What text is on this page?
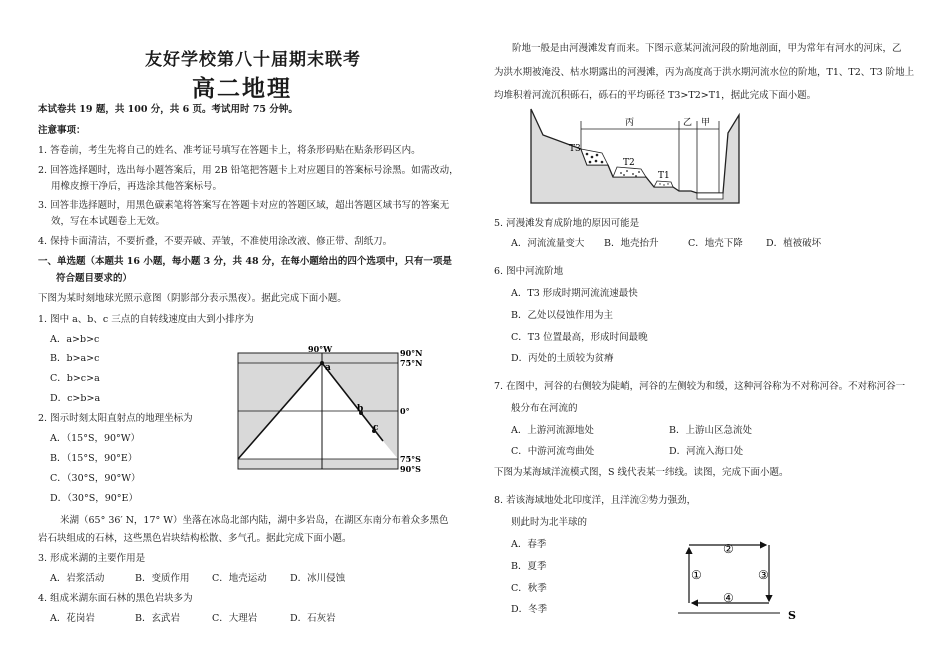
友好学校第八十届期末联考
高二地理
本试卷共 19 题，共 100 分，共 6 页。考试用时 75 分钟。
注意事项：
1. 答卷前，考生先将自己的姓名、准考证号填写在答题卡上，将条形码贴在贴条形码区内。
2. 回答选择题时，选出每小题答案后，用 2B 铅笔把答题卡上对应题目的答案标号涂黑。如需改动，
用橡皮擦干净后，再选涂其他答案标号。
3. 回答非选择题时，用黑色碳素笔将答案写在答题卡对应的答题区域，超出答题区域书写的答案无
效，写在本试题卷上无效。
4. 保持卡面清洁，不要折叠，不要弄破、弄皱，不准使用涂改液、修正带、刮纸刀。
一、单选题（本题共 16 小题，每小题 3 分，共 48 分，在每小题给出的四个选项中，只有一项是
符合题目要求的）
下图为某时刻地球光照示意图（阴影部分表示黑夜）。据此完成下面小题。
1. 图中 a、b、c 三点的自转线速度由大到小排序为
A．a>b>c
B．b>a>c
C．b>c>a
D．c>b>a
2. 图示时刻太阳直射点的地理坐标为
A．（15°S，90°W）
B．（15°S，90°E）
C．（30°S，90°W）
D．（30°S，90°E）
米湖（65° 36′ N，17° W）坐落在冰岛北部内陆，湖中多岩岛，在湖区东南分布着众多黑色
岩石块组成的石林，这些黑色岩块结构松散、多气孔。据此完成下面小题。
3. 形成米湖的主要作用是
A．岩浆活动	B．变质作用 C．地壳运动 D．冰川侵蚀
4. 组成米湖东面石林的黑色岩块多为
A．花岗岩	B．玄武岩	C．大理岩	D．石灰岩
90°W	90°N
75°N
0°
75°S
90°S
a
b
c
阶地一般是由河漫滩发育而来。下图示意某河流河段的阶地剖面，甲为常年有河水的河床，乙
为洪水期被淹没、枯水期露出的河漫滩，丙为高度高于洪水期河流水位的阶地，T1、T2、T3 阶地上
均堆积着河流沉积砾石，砾石的平均砾径 T3>T2>T1，据此完成下面小题。
丙	乙 甲
T3
T2
T1
5. 河漫滩发育成阶地的原因可能是
A．河流流量变大 B．地壳抬升	C．地壳下降 D．植被破坏
6. 图中河流阶地
A．T3 形成时期河流流速最快
B．乙处以侵蚀作用为主
C．T3 位置最高，形成时间最晚
D．丙处的土质较为贫瘠
7. 在图中，河谷的右侧较为陡峭，河谷的左侧较为和缓，这种河谷称为不对称河谷。不对称河谷一
般分布在河流的
A．上游河流源地处	B．上游山区急流处
C．中游河流弯曲处	D．河流入海口处
下图为某海域洋流模式图，S 线代表某一纬线。读图，完成下面小题。
8. 若该海域地处北印度洋，且洋流②势力强劲，
则此时为北半球的
A．春季
B．夏季
C．秋季
D．冬季
②
①	③
④
S
